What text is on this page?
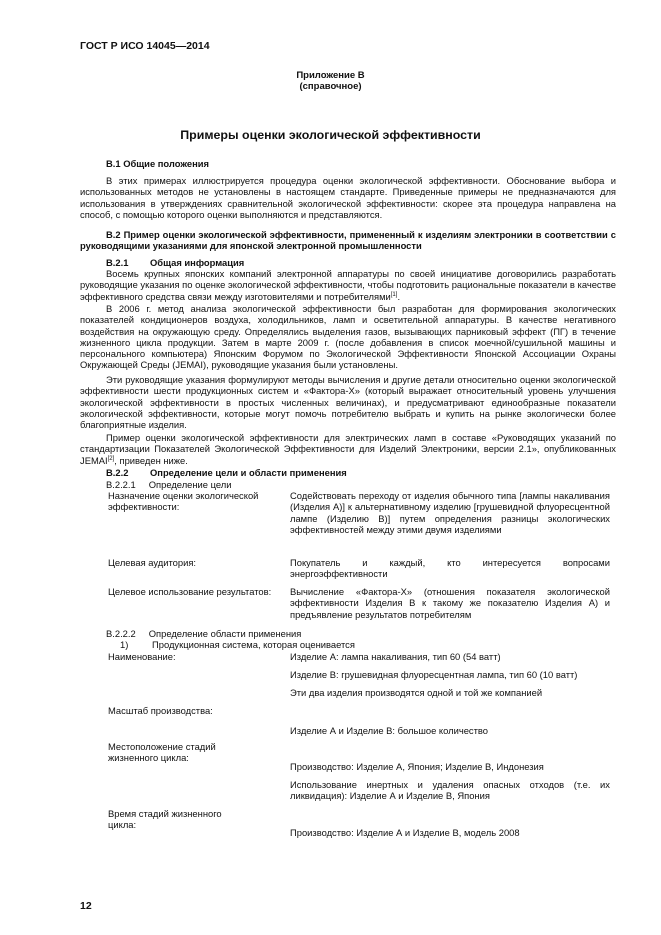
ГОСТ Р ИСО 14045—2014
Приложение В
(справочное)
Примеры оценки экологической эффективности
В.1 Общие положения
В этих примерах иллюстрируется процедура оценки экологической эффективности. Обоснование выбора и использованных методов не установлены в настоящем стандарте. Приведенные примеры не предназначаются для использования в утверждениях сравнительной экологической эффективности: скорее эта процедура направлена на способ, с помощью которого оценки выполняются и представляются.
В.2 Пример оценки экологической эффективности, примененный к изделиям электроники в соответствии с руководящими указаниями для японской электронной промышленности
В.2.1 Общая информация
Восемь крупных японских компаний электронной аппаратуры по своей инициативе договорились разработать руководящие указания по оценке экологической эффективности, чтобы подготовить рациональные показатели в качестве эффективного средства связи между изготовителями и потребителями[1].
В 2006 г. метод анализа экологической эффективности был разработан для формирования экологических показателей кондиционеров воздуха, холодильников, ламп и осветительной аппаратуры. В качестве негативного воздействия на окружающую среду. Определялись выделения газов, вызывающих парниковый эффект (ПГ) в течение жизненного цикла продукции. Затем в марте 2009 г. (после добавления в список моечной/сушильной машины и персонального компьютера) Японским Форумом по Экологической Эффективности Японской Ассоциации Охраны Окружающей Среды (JEMAI), руководящие указания были установлены.
Эти руководящие указания формулируют методы вычисления и другие детали относительно оценки экологической эффективности шести продукционных систем и «Фактора-Х» (который выражает относительный уровень улучшения экологической эффективности в простых численных величинах), и предусматривают единообразные показатели экологической эффективности, которые могут помочь потребителю выбрать и купить на рынке экологически более благоприятные изделия.
Пример оценки экологической эффективности для электрических ламп в составе «Руководящих указаний по стандартизации Показателей Экологической Эффективности для Изделий Электроники, версии 2.1», опубликованных JEMAI[2], приведен ниже.
В.2.2 Определение цели и области применения
В.2.2.1     Определение цели
Назначение оценки экологической эффективности:
Содействовать переходу от изделия обычного типа [лампы накаливания (Изделия А)] к альтернативному изделию [грушевидной флуоресцентной лампе (Изделию В)] путем определения разницы экологических эффективностей между этими двумя изделиями
Целевая аудитория:	Покупатель и каждый, кто интересуется вопросами энергоэффективности
Целевое использование результатов:	Вычисление «Фактора-Х» (отношения показателя экологической эффективности Изделия В к такому же показателю Изделия А) и предъявление результатов потребителям
В.2.2.2     Определение области применения
1)	Продукционная система, которая оценивается
Наименование:	Изделие А: лампа накаливания, тип 60 (54 ватт)
Изделие В: грушевидная флуоресцентная лампа, тип 60 (10 ватт)
Эти два изделия производятся одной и той же компанией
Масштаб производства:
Изделие А и Изделие В: большое количество
Местоположение стадий жизненного цикла:
Производство: Изделие А, Япония; Изделие В, Индонезия
Использование инертных и удаления опасных отходов (т.е. их ликвидация): Изделие А и Изделие В, Япония
Время стадий жизненного цикла:
Производство: Изделие А и Изделие В, модель 2008
12
